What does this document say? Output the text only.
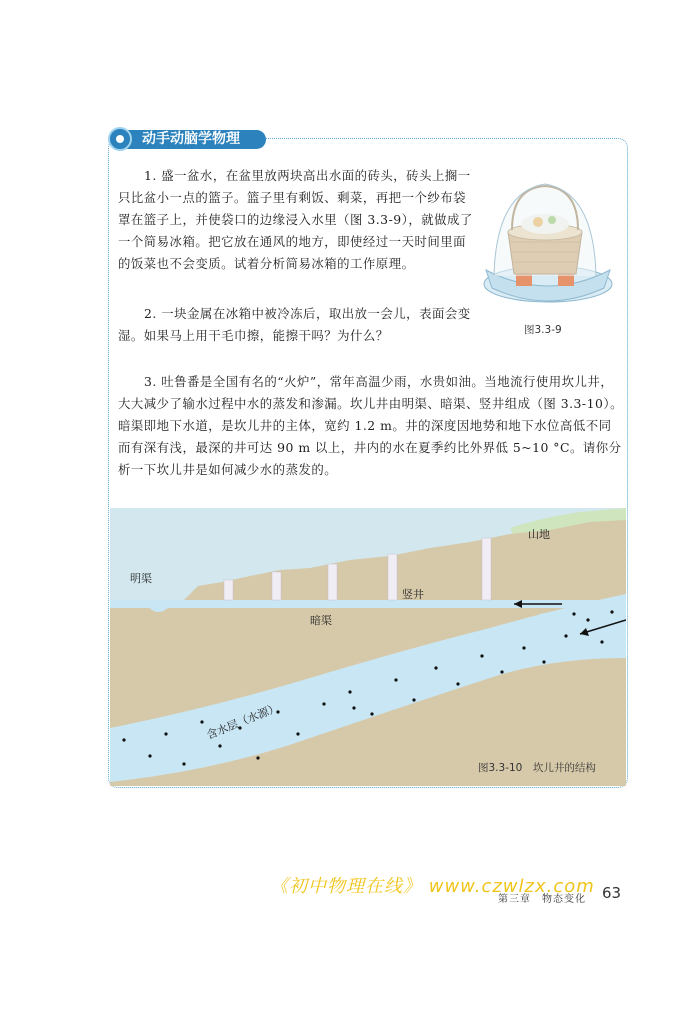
动手动脑学物理

1. 盛一盆水，在盆里放两块高出水面的砖头，砖头上搁一只比盆小一点的篮子。篮子里有剩饭、剩菜，再把一个纱布袋罩在篮子上，并使袋口的边缘浸入水里（图 3.3-9），就做成了一个简易冰箱。把它放在通风的地方，即使经过一天时间里面的饭菜也不会变质。试着分析简易冰箱的工作原理。

2. 一块金属在冰箱中被冷冻后，取出放一会儿，表面会变湿。如果马上用干毛巾擦，能擦干吗？为什么？

3. 吐鲁番是全国有名的“火炉”，常年高温少雨，水贵如油。当地流行使用坎儿井，大大减少了输水过程中水的蒸发和渗漏。坎儿井由明渠、暗渠、竖井组成（图 3.3-10）。暗渠即地下水道，是坎儿井的主体，宽约 1.2 m。井的深度因地势和地下水位高低不同而有深有浅，最深的井可达 90 m 以上，井内的水在夏季约比外界低 5~10 °C。请你分析一下坎儿井是如何减少水的蒸发的。

图3.3-9
山地
明渠
竖井
暗渠
含水层（水源）
图3.3-10　坎儿井的结构
《初中物理在线》 www.czwlzx.com
第三章　物态变化 63
